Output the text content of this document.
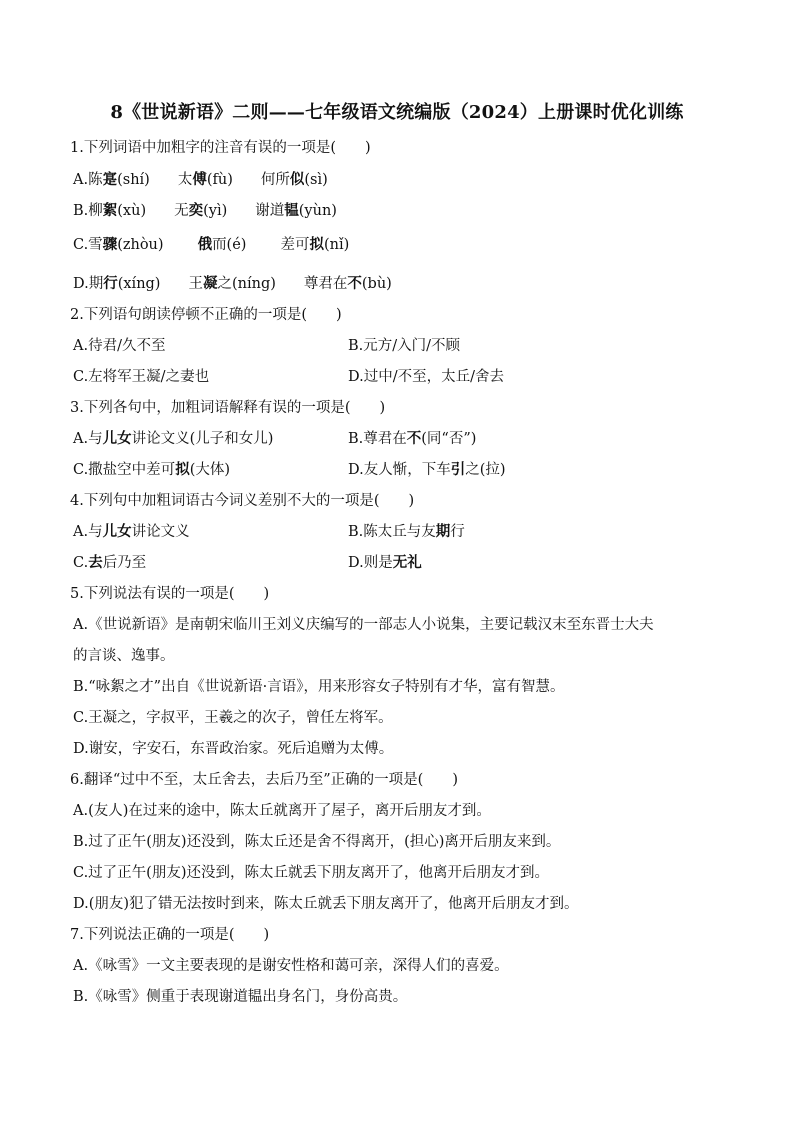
8《世说新语》二则——七年级语文统编版（2024）上册课时优化训练
1.下列词语中加粗字的注音有误的一项是(　　)
A.陈寔(shí) 太傅(fù) 何所似(sì)
B.柳絮(xù) 无奕(yì) 谢道韫(yùn)
C.雪骤(zhòu) 俄而(é) 差可拟(nǐ)
D.期行(xíng) 王凝之(níng) 尊君在不(bù)
2.下列语句朗读停顿不正确的一项是(　　)
A.待君/久不至	B.元方/入门/不顾
C.左将军王凝/之妻也	D.过中/不至，太丘/舍去
3.下列各句中，加粗词语解释有误的一项是(　　)
A.与儿女讲论文义(儿子和女儿)	B.尊君在不(同“否”)
C.撒盐空中差可拟(大体)	D.友人惭，下车引之(拉)
4.下列句中加粗词语古今词义差别不大的一项是(　　)
A.与儿女讲论文义	B.陈太丘与友期行
C.去后乃至	D.则是无礼
5.下列说法有误的一项是(　　)
A.《世说新语》是南朝宋临川王刘义庆编写的一部志人小说集，主要记载汉末至东晋士大夫
的言谈、逸事。
B.“咏絮之才”出自《世说新语·言语》，用来形容女子特别有才华，富有智慧。
C.王凝之，字叔平，王羲之的次子，曾任左将军。
D.谢安，字安石，东晋政治家。死后追赠为太傅。
6.翻译“过中不至，太丘舍去，去后乃至”正确的一项是(　　)
A.(友人)在过来的途中，陈太丘就离开了屋子，离开后朋友才到。
B.过了正午(朋友)还没到，陈太丘还是舍不得离开，(担心)离开后朋友来到。
C.过了正午(朋友)还没到，陈太丘就丢下朋友离开了，他离开后朋友才到。
D.(朋友)犯了错无法按时到来，陈太丘就丢下朋友离开了，他离开后朋友才到。
7.下列说法正确的一项是(　　)
A.《咏雪》一文主要表现的是谢安性格和蔼可亲，深得人们的喜爱。
B.《咏雪》侧重于表现谢道韫出身名门，身份高贵。
